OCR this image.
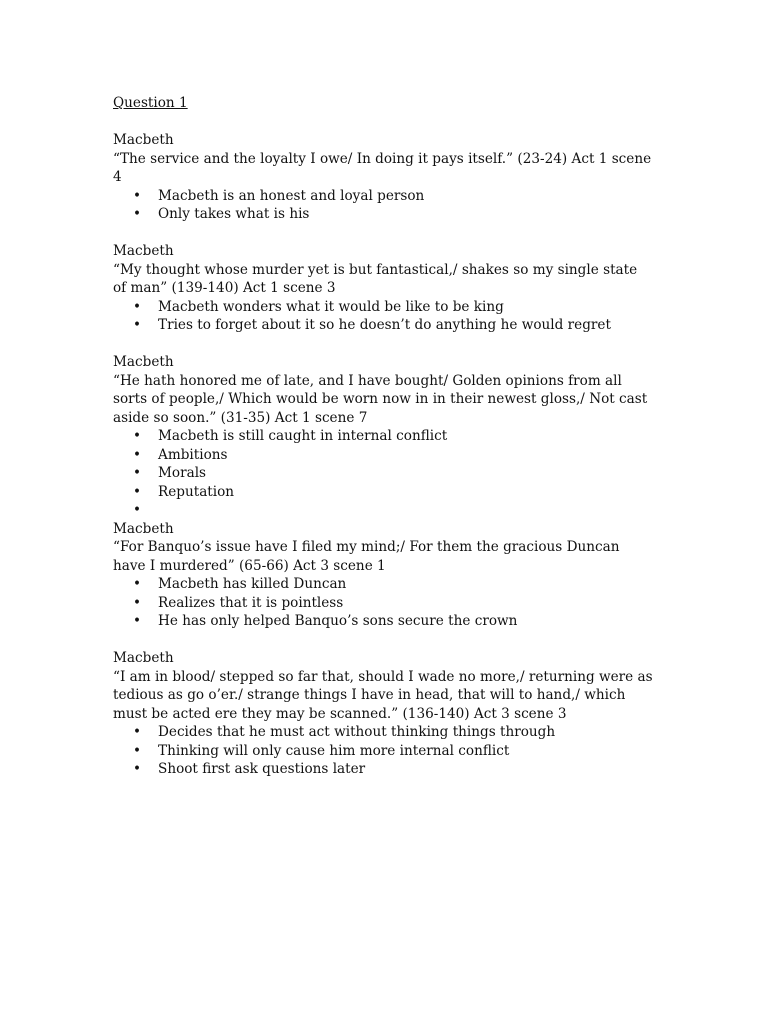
Question 1

Macbeth

“The service and the loyalty I owe/ In doing it pays itself.” (23-24) Act 1 scene 4

• Macbeth is an honest and loyal person
• Only takes what is his

Macbeth

“My thought whose murder yet is but fantastical,/ shakes so my single state of man” (139-140) Act 1 scene 3

• Macbeth wonders what it would be like to be king
• Tries to forget about it so he doesn’t do anything he would regret

Macbeth

“He hath honored me of late, and I have bought/ Golden opinions from all sorts of people,/ Which would be worn now in in their newest gloss,/ Not cast aside so soon.” (31-35) Act 1 scene 7

• Macbeth is still caught in internal conflict
• Ambitions
• Morals
• Reputation
•

Macbeth

“For Banquo’s issue have I filed my mind;/ For them the gracious Duncan have I murdered” (65-66) Act 3 scene 1

• Macbeth has killed Duncan
• Realizes that it is pointless
• He has only helped Banquo’s sons secure the crown

Macbeth

“I am in blood/ stepped so far that, should I wade no more,/ returning were as tedious as go o’er./ strange things I have in head, that will to hand,/ which must be acted ere they may be scanned.” (136-140) Act 3 scene 3

• Decides that he must act without thinking things through
• Thinking will only cause him more internal conflict
• Shoot first ask questions later
